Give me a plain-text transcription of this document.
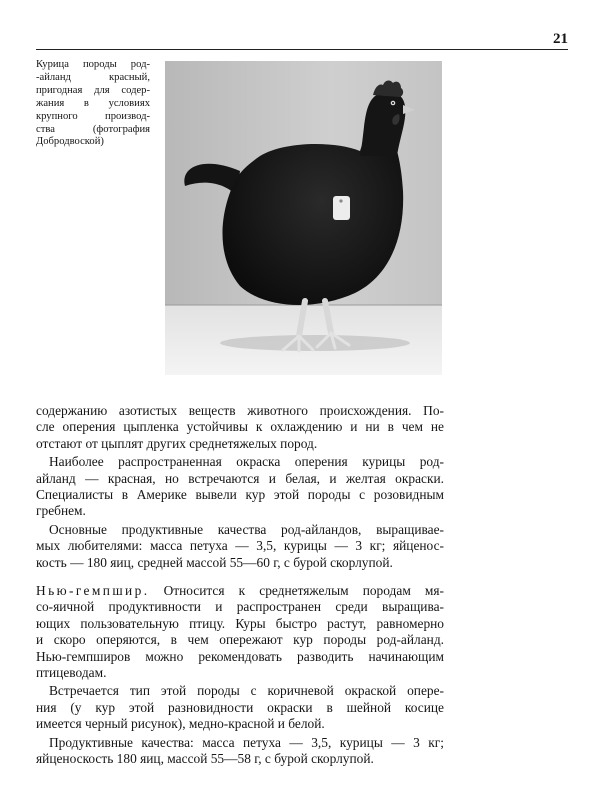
21
Курица породы род-
-айланд красный,
пригодная для содер-
жания в условиях
крупного производ-
ства (фотография
Добродвоской)

содержанию азотистых веществ животного происхождения. По-
сле оперения цыпленка устойчивы к охлаждению и ни в чем не
отстают от цыплят других среднетяжелых пород.

Наиболее распространенная окраска оперения курицы род-
айланд — красная, но встречаются и белая, и желтая окраски.
Специалисты в Америке вывели кур этой породы с розовидным
гребнем.

Основные продуктивные качества род-айландов, выращивае-
мых любителями: масса петуха — 3,5, курицы — 3 кг; яйценос-
кость — 180 яиц, средней массой 55—60 г, с бурой скорлупой.

Нью-гемпшир. Относится к среднетяжелым породам мя-
со-яичной продуктивности и распространен среди выращива-
ющих пользовательную птицу. Куры быстро растут, равномерно
и скоро оперяются, в чем опережают кур породы род-айланд.
Нью-гемпширов можно рекомендовать разводить начинающим
птицеводам.

Встречается тип этой породы с коричневой окраской опере-
ния (у кур этой разновидности окраски в шейной косице
имеется черный рисунок), медно-красной и белой.

Продуктивные качества: масса петуха — 3,5, курицы — 3 кг;
яйценоскость 180 яиц, массой 55—58 г, с бурой скорлупой.
